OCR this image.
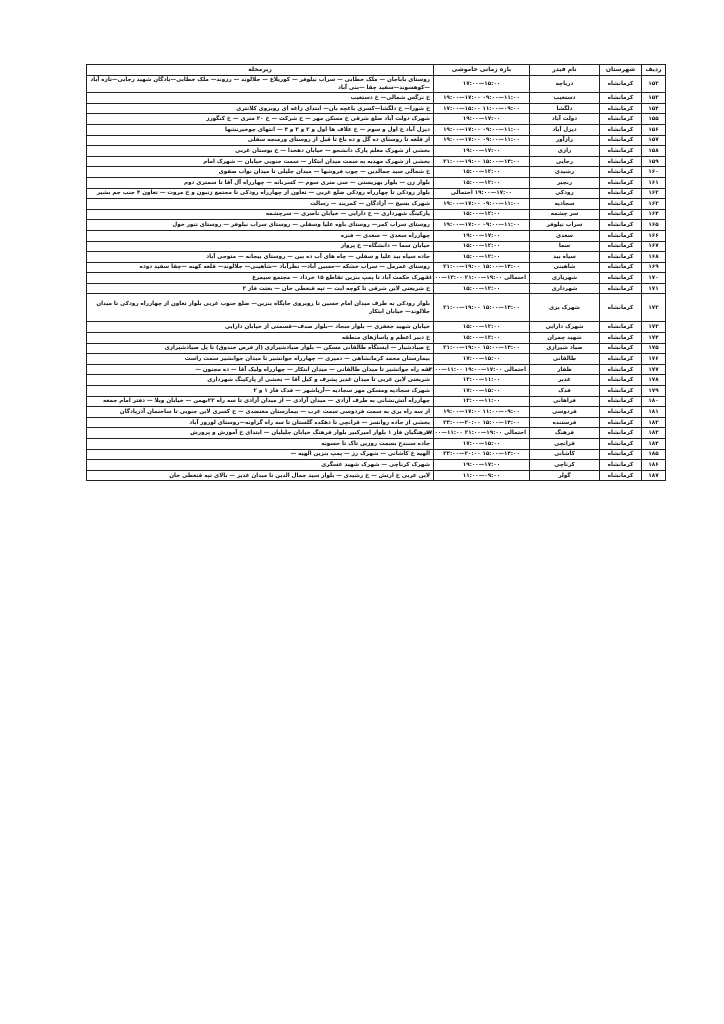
ردیف	شهرستان	نام فیدر	بازه زمانی خاموشی	زیرمحله
۱۵۲	کرمانشاه	دریاچه	۱۵:۰۰—۱۷:۰۰	روستای باباجان — ملک خطابی — سراب نیلوفر — کوریلاغ — جلالوند — رزوند— ملک خطابی—بادگان شهید رجایی—تازه آباد—کوهسوند—سفید چقا —بنی آباد
۱۵۳	کرمانشاه	دستغیب	۱۱:۰۰—۰۹:۰۰ ۱۷:۰۰—۱۹:۰۰	خ نرگس شمالی— خ دستغیب
۱۵۴	کرمانشاه	دلگشا	۰۹:۰۰—۱۱:۰۰ ۱۵:۰۰—۱۷:۰۰	خ شورا— خ دلگشا—کسری باغچه بان— ابتدای زاغه ای روبروی کلانتری
۱۵۵	کرمانشاه	دولت آباد	۱۷:۰۰—۱۹:۰۰	شهرک دولت آباد ضلع شرقی خ مسکن مهر — خ شرکت — خ ۲۰ متری — خ کنگورز
۱۵۶	کرمانشاه	دیزل آباد	۱۱:۰۰—۰۹:۰۰ ۱۷:۰۰—۱۹:۰۰	دیزل آباد خ اول و سوم — خ علاف ها اول و ۲ و ۳ و ۴ — انتهای چوخبرنشها
۱۵۷	کرمانشاه	رازآور	۱۱:۰۰—۰۹:۰۰ ۱۷:۰۰—۱۹:۰۰	از قلعه تا روستای ده گل و ده باغ تا قبل از روستای ورمنجه سفلی
۱۵۸	کرمانشاه	رازی	۱۷:۰۰—۱۹:۰۰	بخشی از شهرک معلم پارک دانشجو — خیابان دهخدا — خ بوستان غربی
۱۵۹	کرمانشاه	رجایی	۱۴:۰۰—۱۵:۰۰ ۱۹:۰۰—۲۱:۰۰	بخشی از شهرک مهدیه به سمت میدان ابتکار — سمت جنوبی خیابان — شهرک امام
۱۶۰	کرمانشاه	رشیدی	۱۲:۰۰—۱۵:۰۰	خ شمالی سید جمالدین — چوب فروشها — میدان جلیلی تا میدان نواب صفوی
۱۶۱	کرمانشاه	رنجبر	۱۲:۰۰—۱۵:۰۰	بلوار زن — بلوار بهزیستی — سی متری سوم — کسرنانه — چهارراه آل آقا تا سمتری دوم
۱۶۲	کرمانشاه	رودکی	۱۷:۰۰—۱۹:۰۰ احتمالی	بلوار رودکی تا چهارراه رودکی ضلع غربی — تعاون از چهارراه رودکی تا مجتمع زنبون و خ مروت — تعاون ۴ جنب جم بشیر
۱۶۳	کرمانشاه	سجادیه	۱۱:۰۰—۰۹:۰۰ ۱۷:۰۰—۱۹:۰۰	شهرک بسیج — آزادگان — کمربند — رسالت
۱۶۴	کرمانشاه	سر چشمه	۱۲:۰۰—۱۵:۰۰	پارکینگ شهرداری — خ دارایی — خیابان ناصری — سرچشمه
۱۶۵	کرمانشاه	سراب نیلوفر	۱۱:۰۰—۰۹:۰۰ ۱۷:۰۰—۱۹:۰۰	روستای سراب کمر— روستای باوه علیا وسفلی — روستای سراب نیلوفر — روستای تنور خول
۱۶۶	کرمانشاه	سعدی	۱۷:۰۰—۱۹:۰۰	چهارراه سعدی — سعدی — فنزه
۱۶۷	کرمانشاه	سما	۱۲:۰۰—۱۵:۰۰	خیابان سما — دانشگاه— خ پرواز
۱۶۸	کرمانشاه	سیاه بید	۱۲:۰۰—۱۵:۰۰	جاده سیاه بید علیا و سفلی — چاه های آب ده بین — روستای بیجانه — متوجی آباد
۱۶۹	کرمانشاه	شاهینی	۱۴:۰۰—۱۵:۰۰ ۱۹:۰۰—۲۱:۰۰	روستای غمرمل — سراب خشکه —حسین آباد— نظرآباد —شاهینی— جلالوند— قلعه کهنه —چقا سفید دوده
۱۷۰	کرمانشاه	شهریاری	احتمالی ۱۹:۰۰—۲۱:۰۰ ۱۳:۰۰—۱۱:۰۰	شهرک حکمت آباد تا پمپ بنزین تقاطع ۱۵ خرداد — مجتمع سیمرغ
۱۷۱	کرمانشاه	شهرداری	۱۲:۰۰—۱۵:۰۰	خ شریعتی لاین شرقی تا کوچه ایت — تپه قنعطی خان — بعثت فاز ۲
۱۷۲	کرمانشاه	شهرک بزی	۱۴:۰۰—۱۵:۰۰ ۱۹:۰۰—۲۱:۰۰	بلوار رودکی به طرف میدان امام حسین تا روبروی جایگاه بنزین— ضلع جنوب غربی بلوار تعاون از چهارراه رودکی تا میدان جلالوند— خیابان ابتکار
۱۷۳	کرمانشاه	شهرک دارایی	۱۲:۰۰—۱۵:۰۰	خیابان شهید جعفری — بلوار سجاد —بلوار صدف—قسمتی از خیابان دارایی
۱۷۴	کرمانشاه	شهید چمران	۱۲:۰۰—۱۵:۰۰	خ دبیر اعظم و پاساژهای منطقه
۱۷۵	کرمانشاه	صیاد شیرازی	۱۴:۰۰—۱۵:۰۰ ۱۹:۰۰—۲۱:۰۰	خ صیادشیار — ایستگاه طالقانی مسکن — بلوار صیادشیرازی (از فرص خندوق) تا پل صیادشیرازی
۱۷۶	کرمانشاه	طالقانی	۱۵:۰۰—۱۷:۰۰	بیمارستان محمد کرمانشاهی — دمیری — چهارراه جوانشیر تا میدان جوانشیر سمت راست
۱۷۷	کرمانشاه	ظفار	احتمالی ۱۷:۰۰—۱۹:۰۰ ۱۱:۰۰—۱۳:۰۰	سه راه جوانشیر تا میدان طالقانی — میدان ابتکار — چهارراه ولیک آقا — ده مجنون —
۱۷۸	کرمانشاه	غدیر	۱۱:۰۰—۱۳:۰۰	شریعتی لاین غربی تا میدان غدیر پشرف و کیل آقا — بخشی از پارکینگ شهرداری
۱۷۹	کرمانشاه	فدک	۱۵:۰۰—۱۷:۰۰	شهرک سجادیه ومسکن مهر سجادیه —آریاشهر — فدک فاز ۱ و ۲
۱۸۰	کرمانشاه	فراهانی	۱۱:۰۰—۱۳:۰۰	چهارراه آتش‌نشانی به طرف آزادی — میدان آزادی — از میدان آزادی تا سه راه ۲۲بهمن — خیابان ویلا — دفتر امام جمعه
۱۸۱	کرمانشاه	فردوسی	۰۹:۰۰—۱۱:۰۰ ۱۷:۰۰—۱۹:۰۰	از سه راه بری به سمت فردوسی سمت غرب — بیمارستان معتضدی — خ کسری لاین جنوبی تا ساختمان آذرپادگان
۱۸۲	کرمانشاه	فرستنده	۱۴:۰۰—۱۵:۰۰ ۲۰:۰۰—۲۳:۰۰	بخشی از جاده روانسر — قزانچی تا دهکده گلستان تا سه راه گراونه—روستای لورور آباد
۱۸۳	کرمانشاه	فرهنگ	احتمالی ۱۹:۰۰—۲۱:۰۰ ۱۱:۰۰—۱۷:۰۰	فرهنگیان فاز ۱ بلوار امیرکبیر بلوار فرهنگ خیابان جلیلیان — ابتدای خ آموزش و پرورش
۱۸۴	کرمانشاه	قزانچی	۱۵:۰۰—۱۷:۰۰	جاده سنندج بسمت روزین تاک تا حسونه
۱۸۵	کرمانشاه	کاشانی	۱۴:۰۰—۱۵:۰۰ ۲۰:۰۰—۲۳:۰۰	الهیه خ کاشانی — شهرک رز — پمپ بنزین الهیه —
۱۸۶	کرمانشاه	کرناچی	۱۷:۰۰—۱۹:۰۰	شهرک کرناچی — شهرک شهید عسگری
۱۸۷	کرمانشاه	گولر	۰۹:۰۰—۱۱:۰۰	لاین غربی خ ارتش — خ رشیدی — بلوار سید جمال الدین تا میدان غدیر — بالای تپه قنعطی خان
